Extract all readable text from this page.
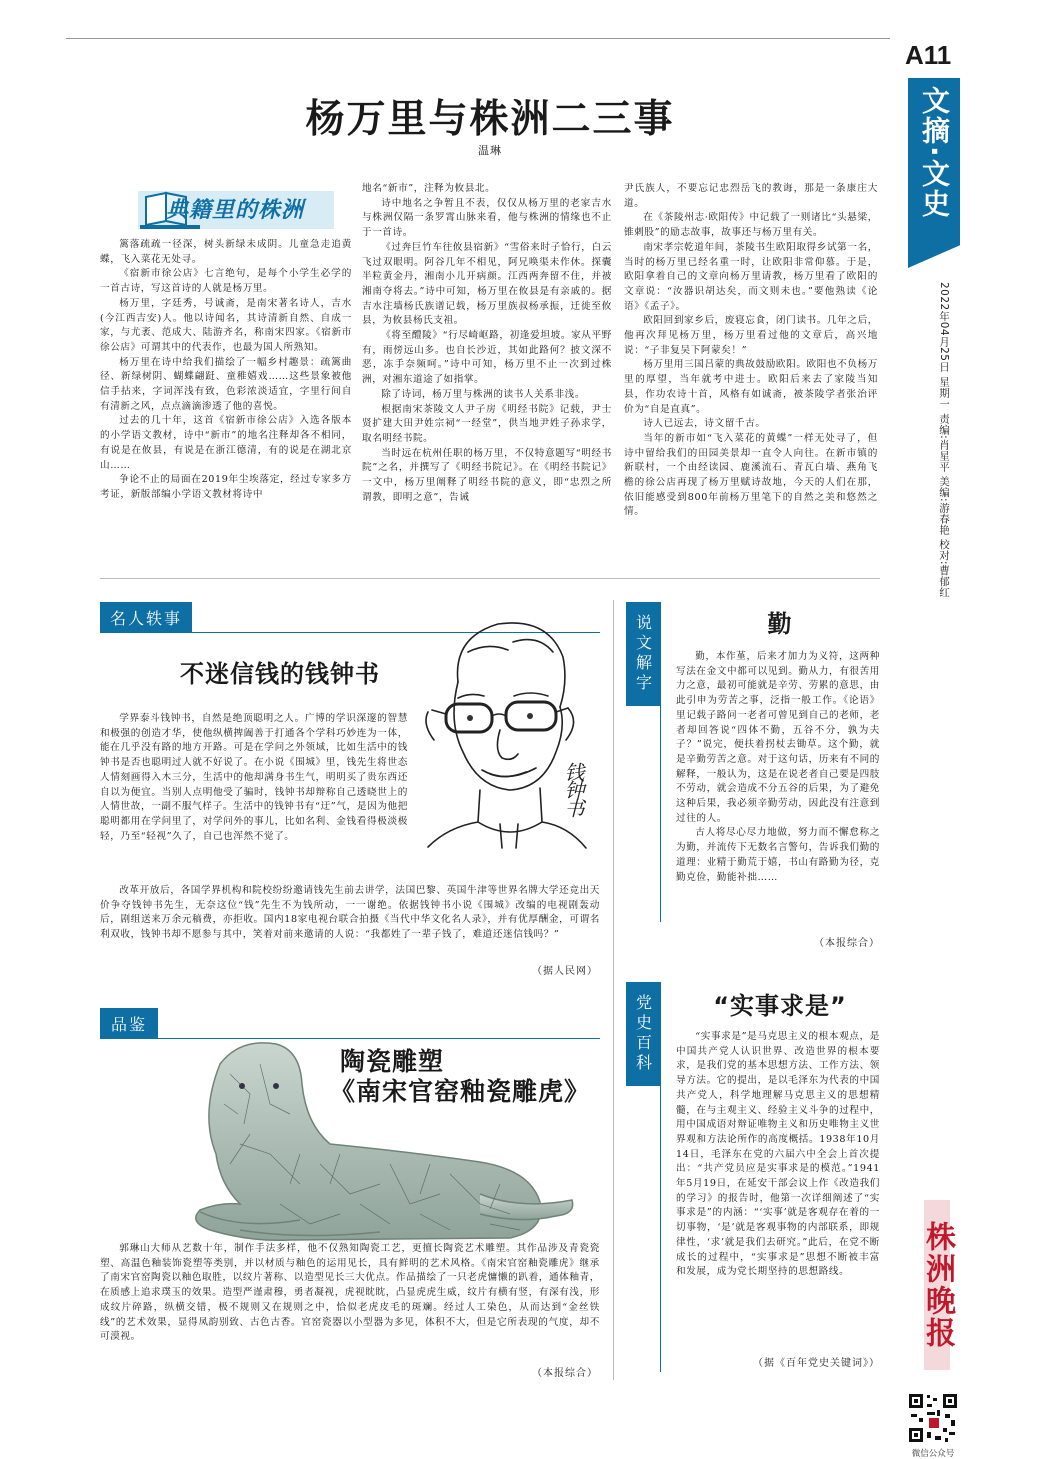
A11
文摘·文史
2022年04月25日 星期一 责编:肖星平 美编:游春艳 校对:曹郁红
株洲晚报
微信公众号
杨万里与株洲二三事
温琳
典籍里的株洲

篱落疏疏一径深，树头新绿未成阴。儿童急走追黄蝶，飞入菜花无处寻。

《宿新市徐公店》七言绝句，是每个小学生必学的一首古诗，写这首诗的人就是杨万里。

杨万里，字廷秀，号诚斋，是南宋著名诗人，吉水(今江西吉安)人。他以诗闻名，其诗清新自然、自成一家，与尤袤、范成大、陆游齐名，称南宋四家。《宿新市徐公店》可谓其中的代表作，也最为国人所熟知。

杨万里在诗中给我们描绘了一幅乡村趣景：疏篱曲径、新绿树阴、蝴蝶翩跹、童稚嬉戏……这些景象被他信手拈来，字词浑浅有致，色彩浓淡适宜，字里行间自有清新之风，点点滴滴渗透了他的喜悦。

过去的几十年，这首《宿新市徐公店》入选各版本的小学语文教材，诗中“新市”的地名注释却各不相同，有说是在攸县，有说是在浙江德清，有的说是在湖北京山……

争论不止的局面在2019年尘埃落定，经过专家多方考证，新版部编小学语文教材将诗中

地名“新市”，注释为攸县北。

诗中地名之争暂且不表，仅仅从杨万里的老家吉水与株洲仅隔一条罗霄山脉来看，他与株洲的情缘也不止于一首诗。

《过奔巨竹车往攸县宿新》“雪俗来时子恰行，白云飞过双眼明。阿谷几年不相见，阿兄唤渠未作休。探囊半粒黄金丹，湘南小儿开病颜。江西两奔留不住，并被湘南夺将去。”诗中可知，杨万里在攸县是有亲戚的。据吉水注墙杨氏族谱记载，杨万里族叔杨承振，迁徙至攸县，为攸县杨氏支祖。

《将至醴陵》“行尽崎岖路，初逢爱坦坡。家从平野有，雨傍远山多。也自长沙近，其如此路何？披文深不恶，冻手奈频呵。”诗中可知，杨万里不止一次到过株洲，对湘东道途了如指掌。

除了诗词，杨万里与株洲的读书人关系非浅。

根据南宋茶陵文人尹子房《明经书院》记载，尹士贤扩建大田尹姓宗祠“一经堂”，供当地尹姓子孙求学，取名明经书院。

当时远在杭州任职的杨万里，不仅特意题写“明经书院”之名，并撰写了《明经书院记》。在《明经书院记》一文中，杨万里阐释了明经书院的意义，即“忠烈之所谓教，即明之意”，告诫

尹氏族人，不要忘记忠烈岳飞的教诲，那是一条康庄大道。

在《茶陵州志·欧阳传》中记载了一则诸比“头悬梁，锥刺股”的励志故事，故事还与杨万里有关。

南宋孝宗乾道年间，茶陵书生欧阳取得乡试第一名，当时的杨万里已经名重一时，让欧阳非常仰慕。于是，欧阳拿着自己的文章向杨万里请教，杨万里看了欧阳的文章说：“汝器识胡达矣，而文则未也。”要他熟读《论语》《孟子》。

欧阳回到家乡后，废寝忘食，闭门读书。几年之后，他再次拜见杨万里，杨万里看过他的文章后，高兴地说：“子非复吴下阿蒙矣！”

杨万里用三国吕蒙的典故鼓励欧阳。欧阳也不负杨万里的厚望，当年就考中进士。欧阳后来去了家陵当知县，作功农诗十首，风格有如诚斋，被茶陵学者张治评价为“自是直真”。

诗人已远去，诗文留千古。

当年的新市如“飞入菜花的黄蝶”一样无处寻了，但诗中留给我们的田园美景却一直令人向往。在新市镇的新联村，一个由经读园、鹿溪流石、青瓦白墙、燕角飞檐的徐公店再现了杨万里赋诗故地，今天的人们在那，依旧能感受到800年前杨万里笔下的自然之美和悠然之情。

名人轶事
不迷信钱的钱钟书
钱钟书

学界泰斗钱钟书，自然是绝顶聪明之人。广博的学识深邃的智慧和极强的创造才华，使他纵横捭阖善于打通各个学科巧妙连为一体，能在几乎没有路的地方开路。可是在学问之外领域，比如生活中的钱钟书是否也聪明过人就不好说了。在小说《围城》里，钱先生将世态人情刻画得入木三分，生活中的他却满身书生气，明明买了贵东西还自以为便宜。当别人点明他受了骗时，钱钟书却辩称自己透晓世上的人情世故，一副不服气样子。生活中的钱钟书有“迂”气，是因为他把聪明都用在学问里了，对学问外的事儿，比如名利、金钱看得极淡极轻，乃至“轻视”久了，自己也浑然不觉了。

改革开放后，各国学界机构和院校纷纷邀请钱先生前去讲学，法国巴黎、英国牛津等世界名牌大学还竞出天价争夺钱钟书先生，无奈这位“钱”先生不为钱所动，一一谢绝。依据钱钟书小说《围城》改编的电视剧轰动后，剧组送来万余元稿费，亦拒收。国内18家电视台联合拍摄《当代中华文化名人录》，并有优厚酬金，可谓名利双收，钱钟书却不愿参与其中，笑着对前来邀请的人说：“我都姓了一辈子钱了，难道还迷信钱吗？”

（据人民网）
品鉴
陶瓷雕塑
《南宋官窑釉瓷雕虎》

郭琳山大师从艺数十年，制作手法多样，他不仅熟知陶瓷工艺，更擅长陶瓷艺术雕塑。其作品涉及青瓷瓷塑、高温色釉装饰瓷塑等类别，并以材质与釉色的运用见长，具有鲜明的艺术风格。《南宋官窑釉瓷雕虎》继承了南宋官窑陶瓷以釉色取胜，以纹片著称、以造型见长三大优点。作品描绘了一只老虎慵懒的趴着，通体釉青，在质感上追求璞玉的效果。造型严谨肃穆，勇者凝视，虎视眈眈，凸显虎虎生威，纹片有横有竖，有深有浅，形成纹片碎路，纵横交错，极不规则又在规则之中，恰似老虎皮毛的斑斓。经过人工染色，从而达到“金丝铁线”的艺术效果，显得凤韵别致、古色古香。官窑瓷器以小型器为多见，体积不大，但是它所表现的气度，却不可漠视。

（本报综合）
说文解字	勤

勤，本作堇，后来才加力为义符，这两种写法在金文中都可以见到。勤从力，有很苦用力之意，最初可能就是辛劳、劳累的意思，由此引申为劳苦之事，泛指一般工作。《论语》里记载子路问一老者可曾见到自己的老师，老者却回答说“四体不勤，五谷不分，孰为夫子？”说完，便扶着拐杖去锄草。这个勤，就是辛勤劳苦之意。对于这句话，历来有不同的解释，一般认为，这是在说老者自己要是四肢不劳动，就会造成不分五谷的后果，为了避免这种后果，我必须辛勤劳动，因此没有注意到过往的人。

古人将尽心尽力地做，努力而不懈怠称之为勤，并流传下无数名言警句，告诉我们勤的道理：业精于勤荒于嬉，书山有路勤为径，克勤克俭，勤能补拙……

（本报综合）
党史百科	“实事求是”

“实事求是”是马克思主义的根本观点，是中国共产党人认识世界、改造世界的根本要求，是我们党的基本思想方法、工作方法、领导方法。它的提出，是以毛泽东为代表的中国共产党人，科学地理解马克思主义的思想精髓，在与主观主义、经验主义斗争的过程中，用中国成语对辩证唯物主义和历史唯物主义世界观和方法论所作的高度概括。1938年10月14日，毛泽东在党的六届六中全会上首次提出：“共产党员应是实事求是的模范。”1941年5月19日，在延安干部会议上作《改造我们的学习》的报告时，他第一次详细阐述了“实事求是”的内涵：“‘实事’就是客观存在着的一切事物，‘是’就是客观事物的内部联系，即规律性，‘求’就是我们去研究。”此后，在党不断成长的过程中，“实事求是”思想不断被丰富和发展，成为党长期坚持的思想路线。

（据《百年党史关键词》）
